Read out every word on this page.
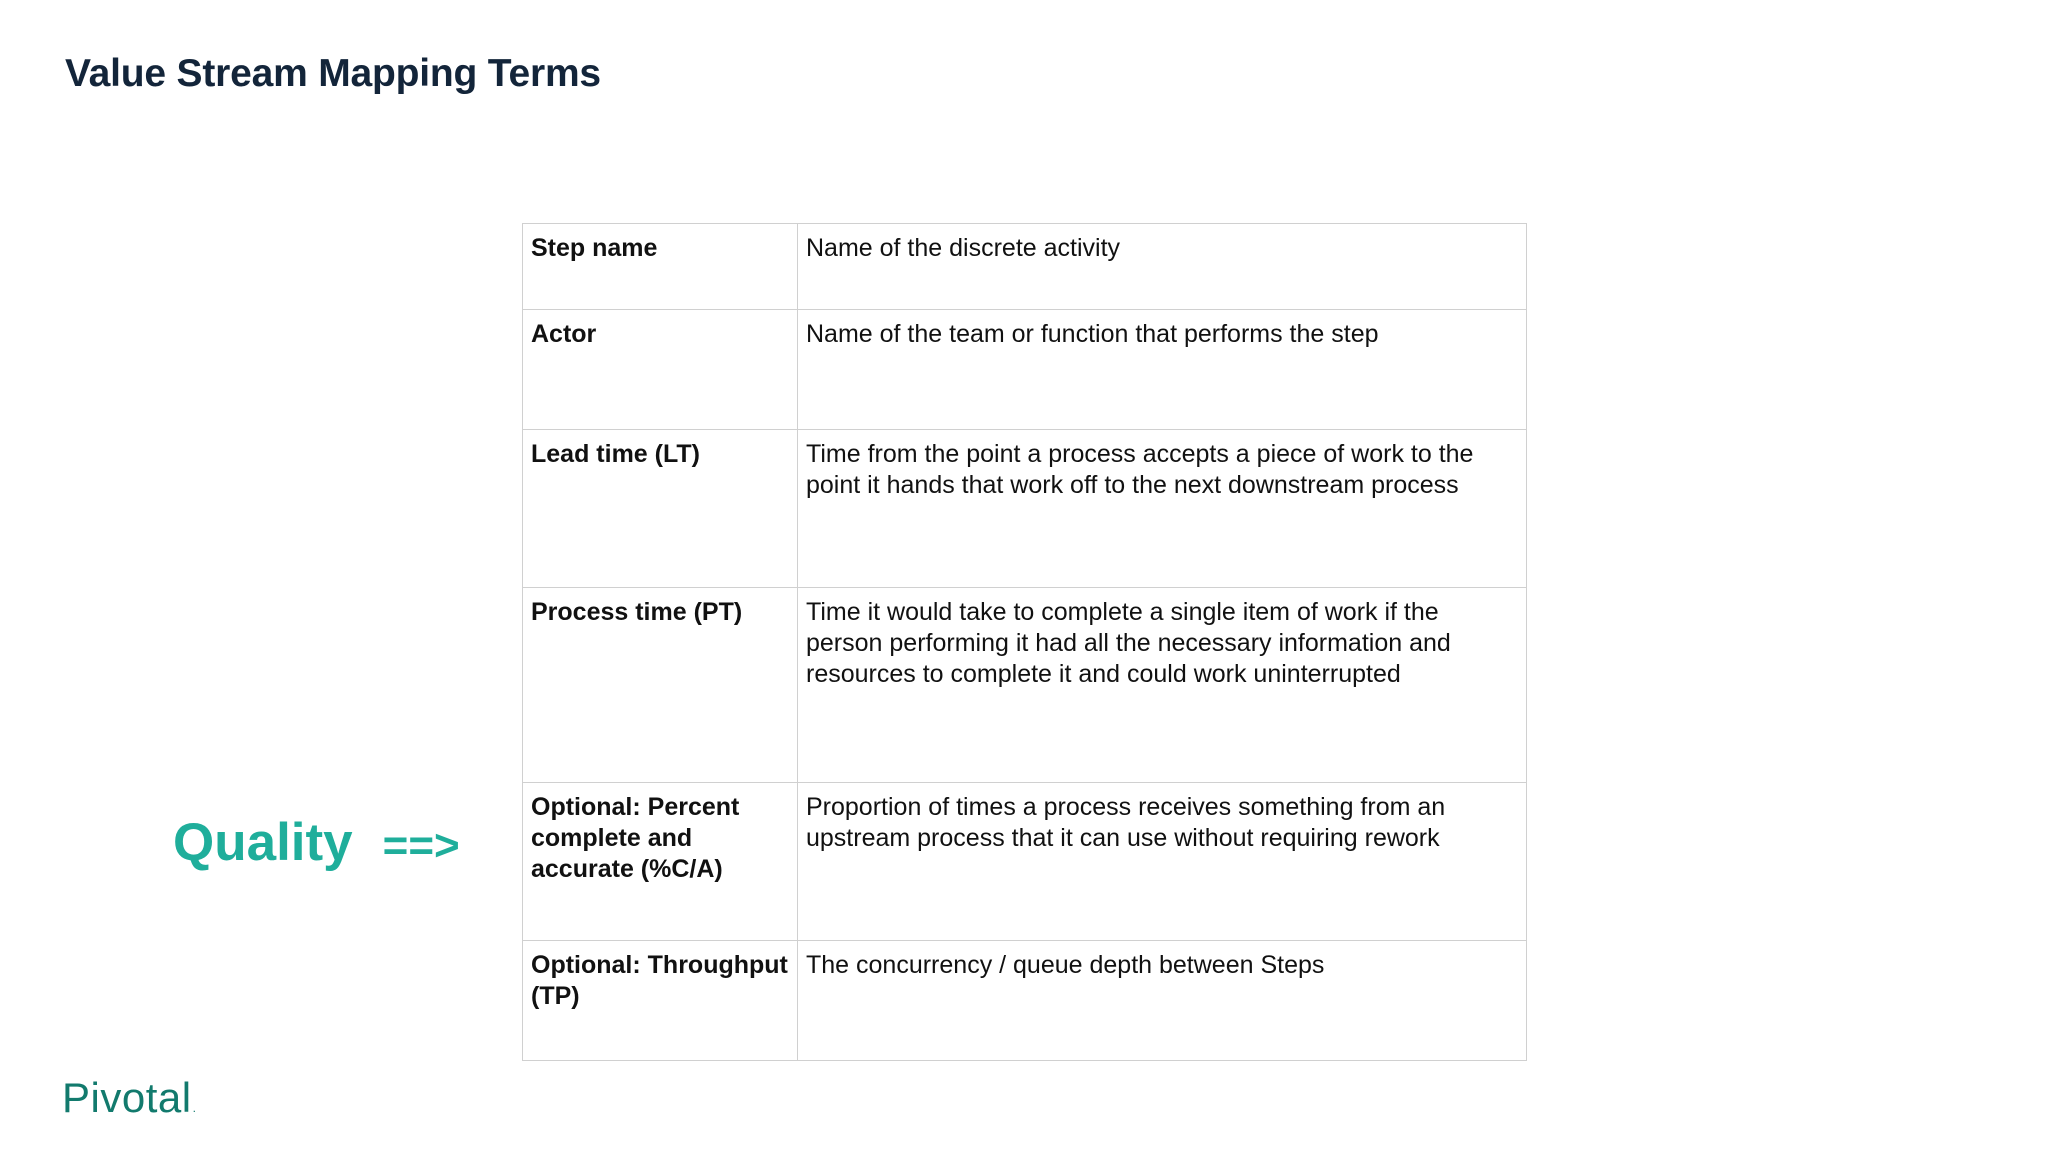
Value Stream Mapping Terms
Quality ==>
Step name	Name of the discrete activity
Actor	Name of the team or function that performs the step
Lead time (LT)	Time from the point a process accepts a piece of work to the point it hands that work off to the next downstream process
Process time (PT)	Time it would take to complete a single item of work if the person performing it had all the necessary information and resources to complete it and could work uninterrupted
Optional: Percent complete and accurate (%C/A)	Proportion of times a process receives something from an upstream process that it can use without requiring rework
Optional: Throughput (TP)	The concurrency / queue depth between Steps
Pivotal.
